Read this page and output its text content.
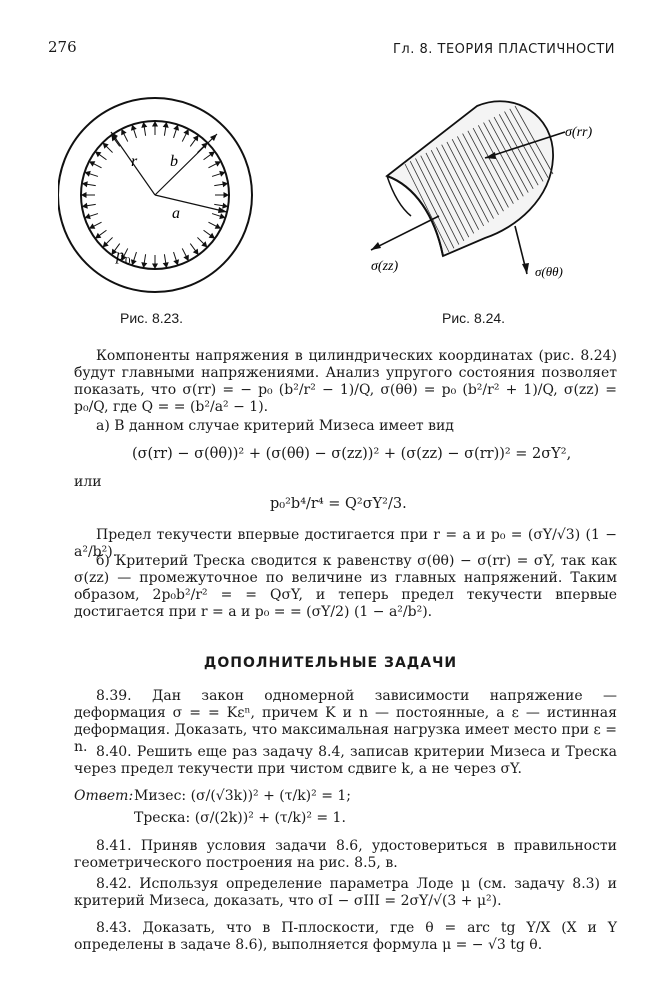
276	Гл. 8. ТЕОРИЯ ПЛАСТИЧНОСТИ
r b
a
p 0
Рис. 8.23.
σ(rr)
σ(zz)	σ(θθ)
Рис. 8.24.
Компоненты напряжения в цилиндрических координатах (рис. 8.24) будут главными напряжениями. Анализ упругого состояния позволяет показать, что σ(rr) = − p₀ (b²/r² − 1)/Q, σ(θθ) = p₀ (b²/r² + 1)/Q, σ(zz) = p₀/Q, где Q = = (b²/a² − 1).
а) В данном случае критерий Мизеса имеет вид
(σ(rr) − σ(θθ))² + (σ(θθ) − σ(zz))² + (σ(zz) − σ(rr))² = 2σY²,
или
p₀²b⁴/r⁴ = Q²σY²/3.
Предел текучести впервые достигается при r = a и p₀ = (σY/√3) (1 − a²/b²).
б) Критерий Треска сводится к равенству σ(θθ) − σ(rr) = σY, так как σ(zz) — промежуточное по величине из главных напряжений. Таким образом, 2p₀b²/r² = = QσY, и теперь предел текучести впервые достигается при r = a и p₀ = = (σY/2) (1 − a²/b²).
ДОПОЛНИТЕЛЬНЫЕ ЗАДАЧИ
8.39. Дан закон одномерной зависимости напряжение — деформация σ = = Kεⁿ, причем K и n — постоянные, а ε — истинная деформация. Доказать, что максимальная нагрузка имеет место при ε = n. 8.40. Решить еще раз задачу 8.4, записав критерии Мизеса и Треска через предел текучести при чистом сдвиге k, а не через σY.
Ответ: Мизес: (σ/(√3k))² + (τ/k)² = 1;
Треска: (σ/(2k))² + (τ/k)² = 1.
8.41. Приняв условия задачи 8.6, удостовериться в правильности геометрического построения на рис. 8.5, в.
8.42. Используя определение параметра Лоде μ (см. задачу 8.3) и критерий Мизеса, доказать, что σI − σIII = 2σY/√(3 + μ²).
8.43. Доказать, что в Π-плоскости, где θ = arc tg Y/X (X и Y определены в задаче 8.6), выполняется формула μ = − √3 tg θ.
